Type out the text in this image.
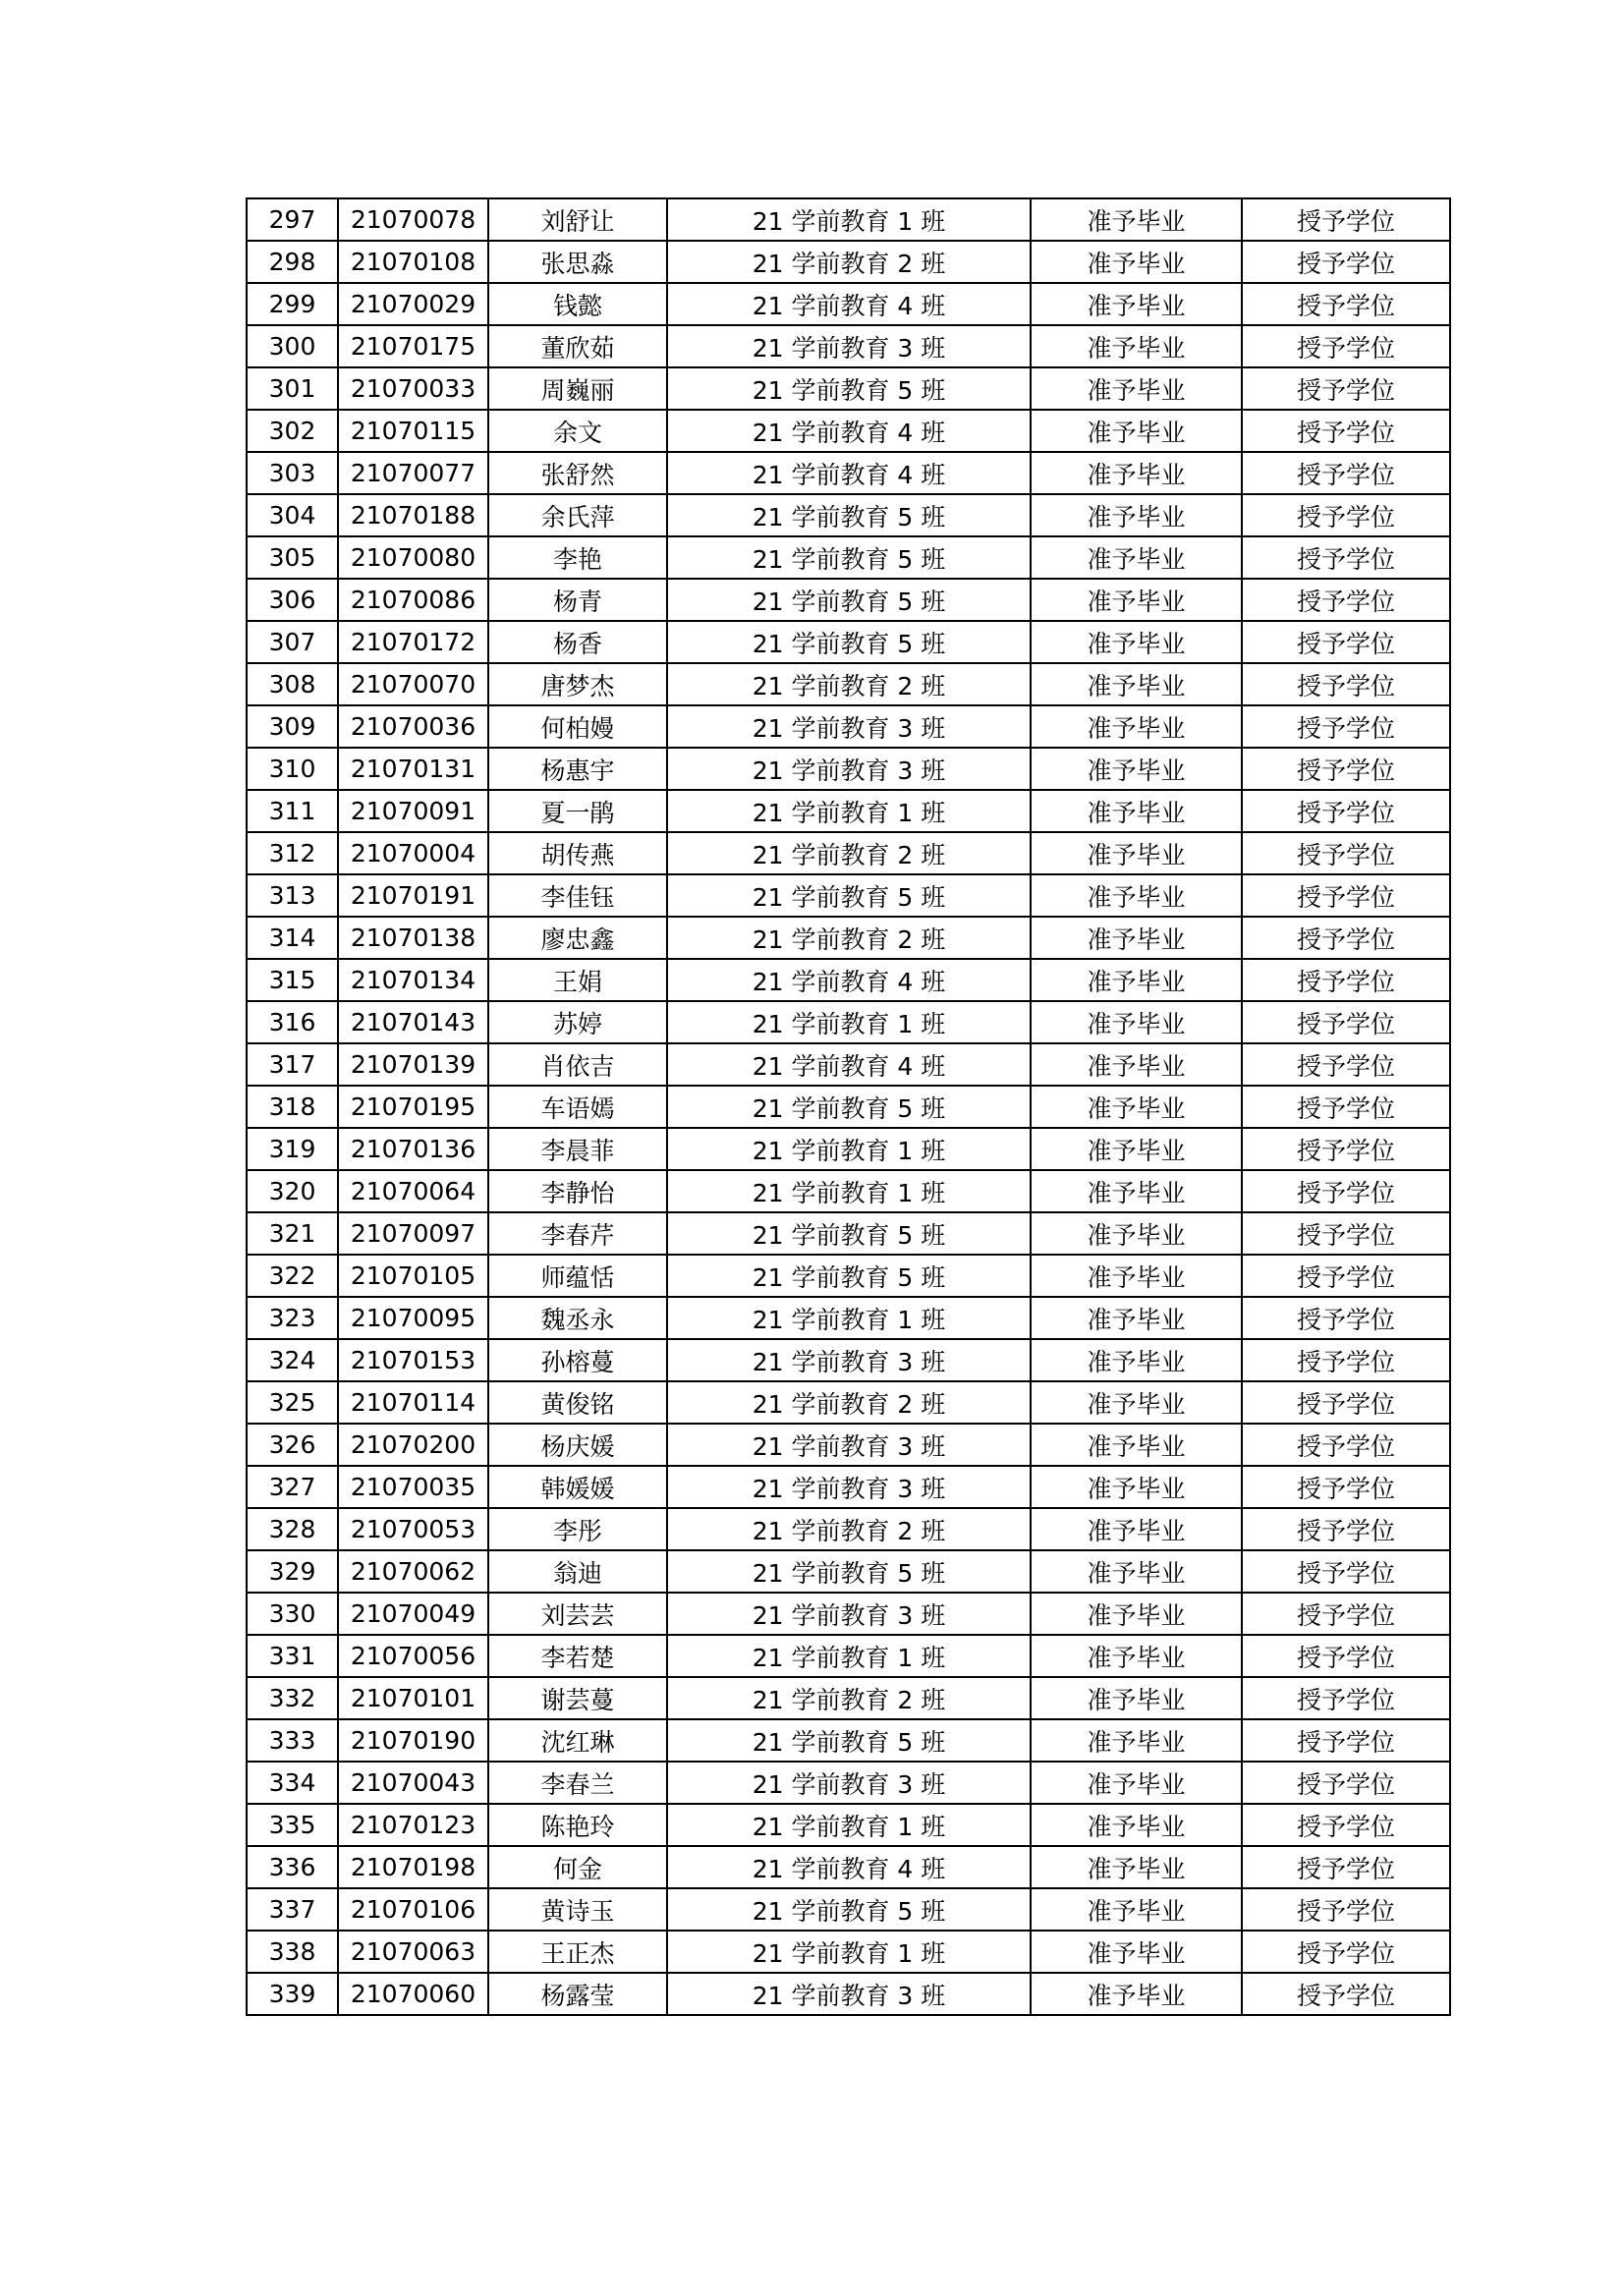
297	21070078	刘舒让	21 学前教育 1 班	准予毕业	授予学位
298	21070108	张思淼	21 学前教育 2 班	准予毕业	授予学位
299	21070029	钱懿	21 学前教育 4 班	准予毕业	授予学位
300	21070175	董欣茹	21 学前教育 3 班	准予毕业	授予学位
301	21070033	周巍丽	21 学前教育 5 班	准予毕业	授予学位
302	21070115	余文	21 学前教育 4 班	准予毕业	授予学位
303	21070077	张舒然	21 学前教育 4 班	准予毕业	授予学位
304	21070188	余氏萍	21 学前教育 5 班	准予毕业	授予学位
305	21070080	李艳	21 学前教育 5 班	准予毕业	授予学位
306	21070086	杨青	21 学前教育 5 班	准予毕业	授予学位
307	21070172	杨香	21 学前教育 5 班	准予毕业	授予学位
308	21070070	唐梦杰	21 学前教育 2 班	准予毕业	授予学位
309	21070036	何柏嫚	21 学前教育 3 班	准予毕业	授予学位
310	21070131	杨惠宇	21 学前教育 3 班	准予毕业	授予学位
311	21070091	夏一鹃	21 学前教育 1 班	准予毕业	授予学位
312	21070004	胡传燕	21 学前教育 2 班	准予毕业	授予学位
313	21070191	李佳钰	21 学前教育 5 班	准予毕业	授予学位
314	21070138	廖忠鑫	21 学前教育 2 班	准予毕业	授予学位
315	21070134	王娟	21 学前教育 4 班	准予毕业	授予学位
316	21070143	苏婷	21 学前教育 1 班	准予毕业	授予学位
317	21070139	肖依吉	21 学前教育 4 班	准予毕业	授予学位
318	21070195	车语嫣	21 学前教育 5 班	准予毕业	授予学位
319	21070136	李晨菲	21 学前教育 1 班	准予毕业	授予学位
320	21070064	李静怡	21 学前教育 1 班	准予毕业	授予学位
321	21070097	李春芹	21 学前教育 5 班	准予毕业	授予学位
322	21070105	师蕴恬	21 学前教育 5 班	准予毕业	授予学位
323	21070095	魏丞永	21 学前教育 1 班	准予毕业	授予学位
324	21070153	孙榕蔓	21 学前教育 3 班	准予毕业	授予学位
325	21070114	黄俊铭	21 学前教育 2 班	准予毕业	授予学位
326	21070200	杨庆媛	21 学前教育 3 班	准予毕业	授予学位
327	21070035	韩媛媛	21 学前教育 3 班	准予毕业	授予学位
328	21070053	李彤	21 学前教育 2 班	准予毕业	授予学位
329	21070062	翁迪	21 学前教育 5 班	准予毕业	授予学位
330	21070049	刘芸芸	21 学前教育 3 班	准予毕业	授予学位
331	21070056	李若楚	21 学前教育 1 班	准予毕业	授予学位
332	21070101	谢芸蔓	21 学前教育 2 班	准予毕业	授予学位
333	21070190	沈红琳	21 学前教育 5 班	准予毕业	授予学位
334	21070043	李春兰	21 学前教育 3 班	准予毕业	授予学位
335	21070123	陈艳玲	21 学前教育 1 班	准予毕业	授予学位
336	21070198	何金	21 学前教育 4 班	准予毕业	授予学位
337	21070106	黄诗玉	21 学前教育 5 班	准予毕业	授予学位
338	21070063	王正杰	21 学前教育 1 班	准予毕业	授予学位
339	21070060	杨露莹	21 学前教育 3 班	准予毕业	授予学位
